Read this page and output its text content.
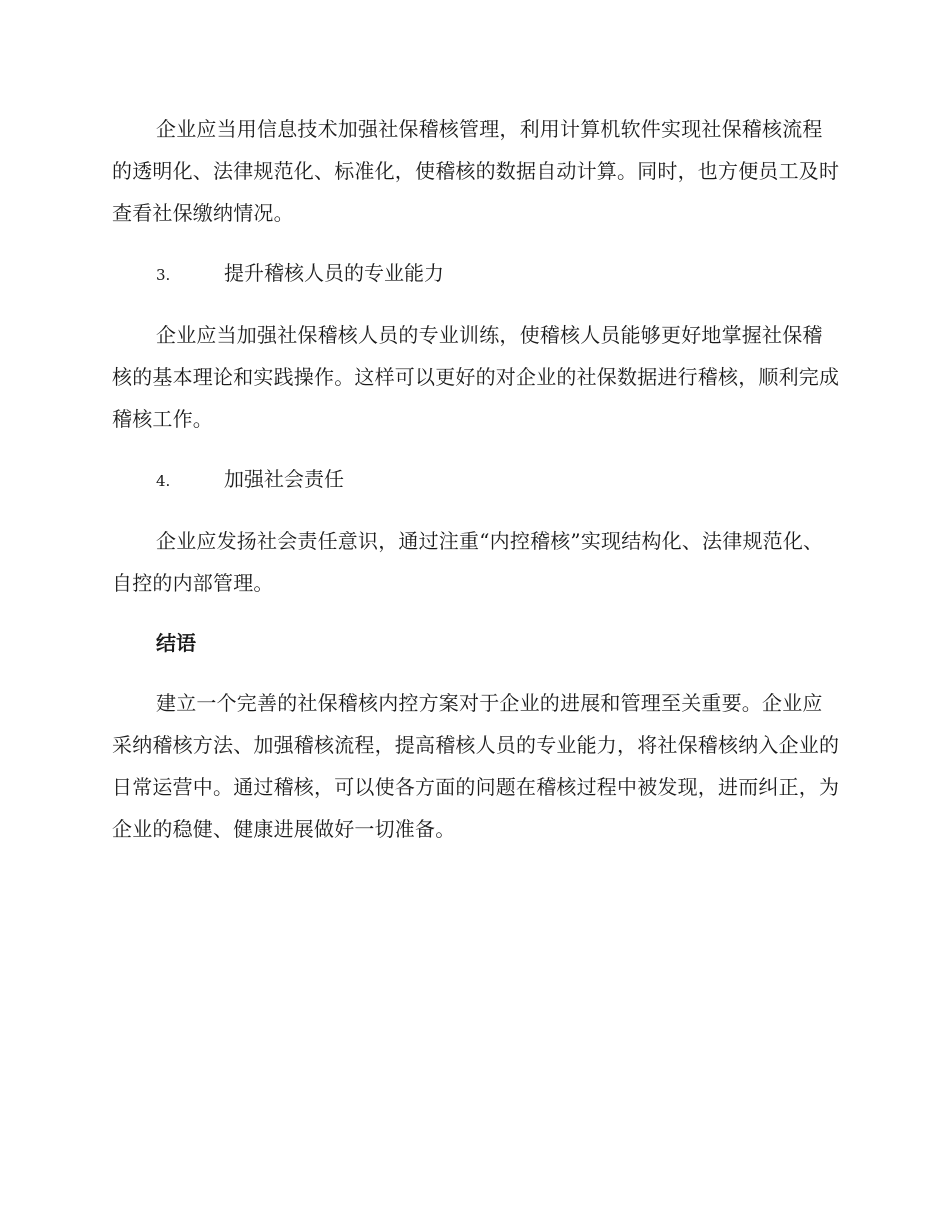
企业应当用信息技术加强社保稽核管理，利用计算机软件实现社保稽核流程的透明化、法律规范化、标准化，使稽核的数据自动计算。同时，也方便员工及时查看社保缴纳情况。

3.	提升稽核人员的专业能力

企业应当加强社保稽核人员的专业训练，使稽核人员能够更好地掌握社保稽核的基本理论和实践操作。这样可以更好的对企业的社保数据进行稽核，顺利完成稽核工作。

4.	加强社会责任

企业应发扬社会责任意识，通过注重“内控稽核”实现结构化、法律规范化、自控的内部管理。

结语

建立一个完善的社保稽核内控方案对于企业的进展和管理至关重要。企业应采纳稽核方法、加强稽核流程，提高稽核人员的专业能力，将社保稽核纳入企业的日常运营中。通过稽核，可以使各方面的问题在稽核过程中被发现，进而纠正，为企业的稳健、健康进展做好一切准备。
